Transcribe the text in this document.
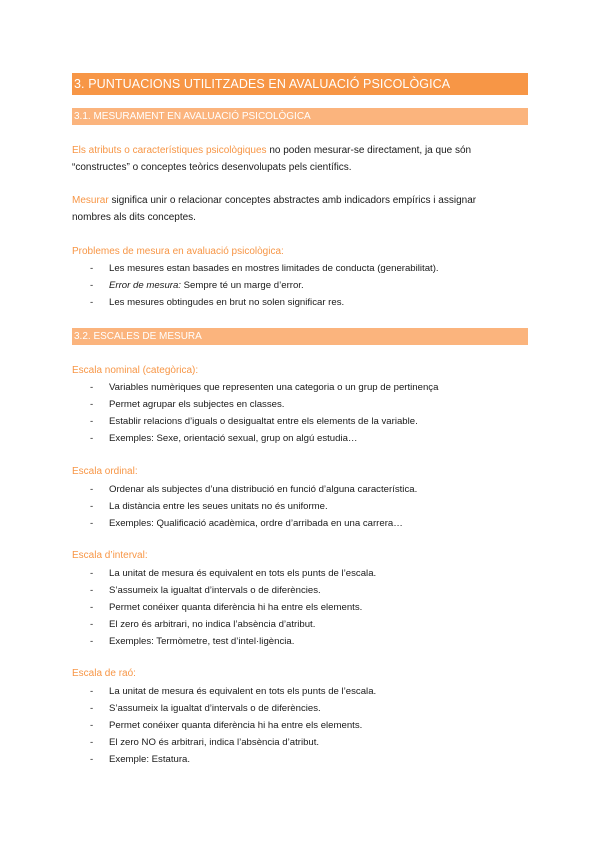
3. PUNTUACIONS UTILITZADES EN AVALUACIÓ PSICOLÒGICA
3.1. MESURAMENT EN AVALUACIÓ PSICOLÒGICA
Els atributs o característiques psicològiques no poden mesurar-se directament, ja que són
“constructes” o conceptes teòrics desenvolupats pels científics.
Mesurar significa unir o relacionar conceptes abstractes amb indicadors empírics i assignar
nombres als dits conceptes.
Problemes de mesura en avaluació psicològica:
- Les mesures estan basades en mostres limitades de conducta (generabilitat).
- Error de mesura: Sempre té un marge d’error.
- Les mesures obtingudes en brut no solen significar res.
3.2. ESCALES DE MESURA
Escala nominal (categòrica):
- Variables numèriques que representen una categoria o un grup de pertinença
- Permet agrupar els subjectes en classes.
- Establir relacions d’iguals o desigualtat entre els elements de la variable.
- Exemples: Sexe, orientació sexual, grup on algú estudia…
Escala ordinal:
- Ordenar als subjectes d’una distribució en funció d’alguna característica.
- La distància entre les seues unitats no és uniforme.
- Exemples: Qualificació acadèmica, ordre d’arribada en una carrera…
Escala d’interval:
- La unitat de mesura és equivalent en tots els punts de l’escala.
- S’assumeix la igualtat d’intervals o de diferències.
- Permet conéixer quanta diferència hi ha entre els elements.
- El zero és arbitrari, no indica l’absència d’atribut.
- Exemples: Termòmetre, test d’intel·ligència.
Escala de raó:
- La unitat de mesura és equivalent en tots els punts de l’escala.
- S’assumeix la igualtat d’intervals o de diferències.
- Permet conéixer quanta diferència hi ha entre els elements.
- El zero NO és arbitrari, indica l’absència d’atribut.
- Exemple: Estatura.
